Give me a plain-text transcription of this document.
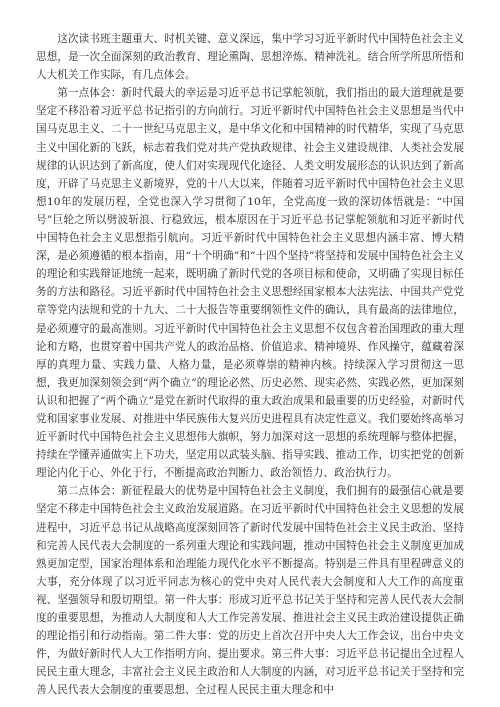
这次读书班主题重大、时机关键、意义深远，集中学习习近平新时代中国特色社会主义思想，是一次全面深刻的政治教育、理论熏陶、思想淬炼、精神洗礼。结合所学所思所悟和人大机关工作实际，有几点体会。

第一点体会：新时代最大的幸运是习近平总书记掌舵领航，我们指出的最大道理就是要坚定不移沿着习近平总书记指引的方向前行。习近平新时代中国特色社会主义思想是当代中国马克思主义、二十一世纪马克思主义，是中华文化和中国精神的时代精华，实现了马克思主义中国化新的飞跃，标志着我们党对共产党执政规律、社会主义建设规律、人类社会发展规律的认识达到了新高度，使人们对实现现代化途径、人类文明发展形态的认识达到了新高度，开辟了马克思主义新境界，党的十八大以来，伴随着习近平新时代中国特色社会主义思想10年的发展历程，全党也深入学习贯彻了10年，全党高度一致的深切体悟就是：“中国号”巨轮之所以劈波斩浪、行稳致远，根本原因在于习近平总书记掌舵领航和习近平新时代中国特色社会主义思想指引航向。习近平新时代中国特色社会主义思想内涵丰富、博大精深，是必须遵循的根本指南，用“十个明确”和“十四个坚持”将坚持和发展中国特色社会主义的理论和实践辩证地统一起来，既明确了新时代党的各项目标和使命，又明确了实现目标任务的方法和路径。习近平新时代中国特色社会主义思想经国家根本大法宪法、中国共产党党章等党内法规和党的十九大、二十大报告等重要纲领性文件的确认，具有最高的法律地位，是必须遵守的最高准则。习近平新时代中国特色社会主义思想不仅包含着治国理政的重大理论和方略，也贯穿着中国共产党人的政治品格、价值追求、精神境界、作风操守，蕴藏着深厚的真理力量、实践力量、人格力量，是必须尊崇的精神内核。持续深入学习贯彻这一思想，我更加深刻领会到“两个确立”的理论必然、历史必然、现实必然、实践必然，更加深刻认识和把握了“两个确立”是党在新时代取得的重大政治成果和最重要的历史经验，对新时代党和国家事业发展、对推进中华民族伟大复兴历史进程具有决定性意义。我们要始终高举习近平新时代中国特色社会主义思想伟大旗帜，努力加深对这一思想的系统理解与整体把握，持续在学懂弄通做实上下功夫，坚定用以武装头脑、指导实践、推动工作，切实把党的创新理论内化于心、外化于行，不断提高政治判断力、政治领悟力、政治执行力。

第二点体会：新征程最大的优势是中国特色社会主义制度，我们拥有的最强信心就是要坚定不移走中国特色社会主义政治发展道路。在习近平新时代中国特色社会主义思想的发展进程中，习近平总书记从战略高度深刻回答了新时代发展中国特色社会主义民主政治、坚持和完善人民代表大会制度的一系列重大理论和实践问题，推动中国特色社会主义制度更加成熟更加定型，国家治理体系和治理能力现代化水平不断提高。特别是三件具有里程碑意义的大事，充分体现了以习近平同志为核心的党中央对人民代表大会制度和人大工作的高度重视、坚强领导和殷切期望。第一件大事：形成习近平总书记关于坚持和完善人民代表大会制度的重要思想，为推动人大制度和人大工作完善发展、推进社会主义民主政治建设提供正确的理论指引和行动指南。第二件大事：党的历史上首次召开中央人大工作会议，出台中央文件，为做好新时代人大工作指明方向、提出要求。第三件大事：习近平总书记提出全过程人民民主重大理念，丰富社会主义民主政治和人大制度的内涵，对习近平总书记关于坚持和完善人民代表大会制度的重要思想、全过程人民民主重大理念和中
